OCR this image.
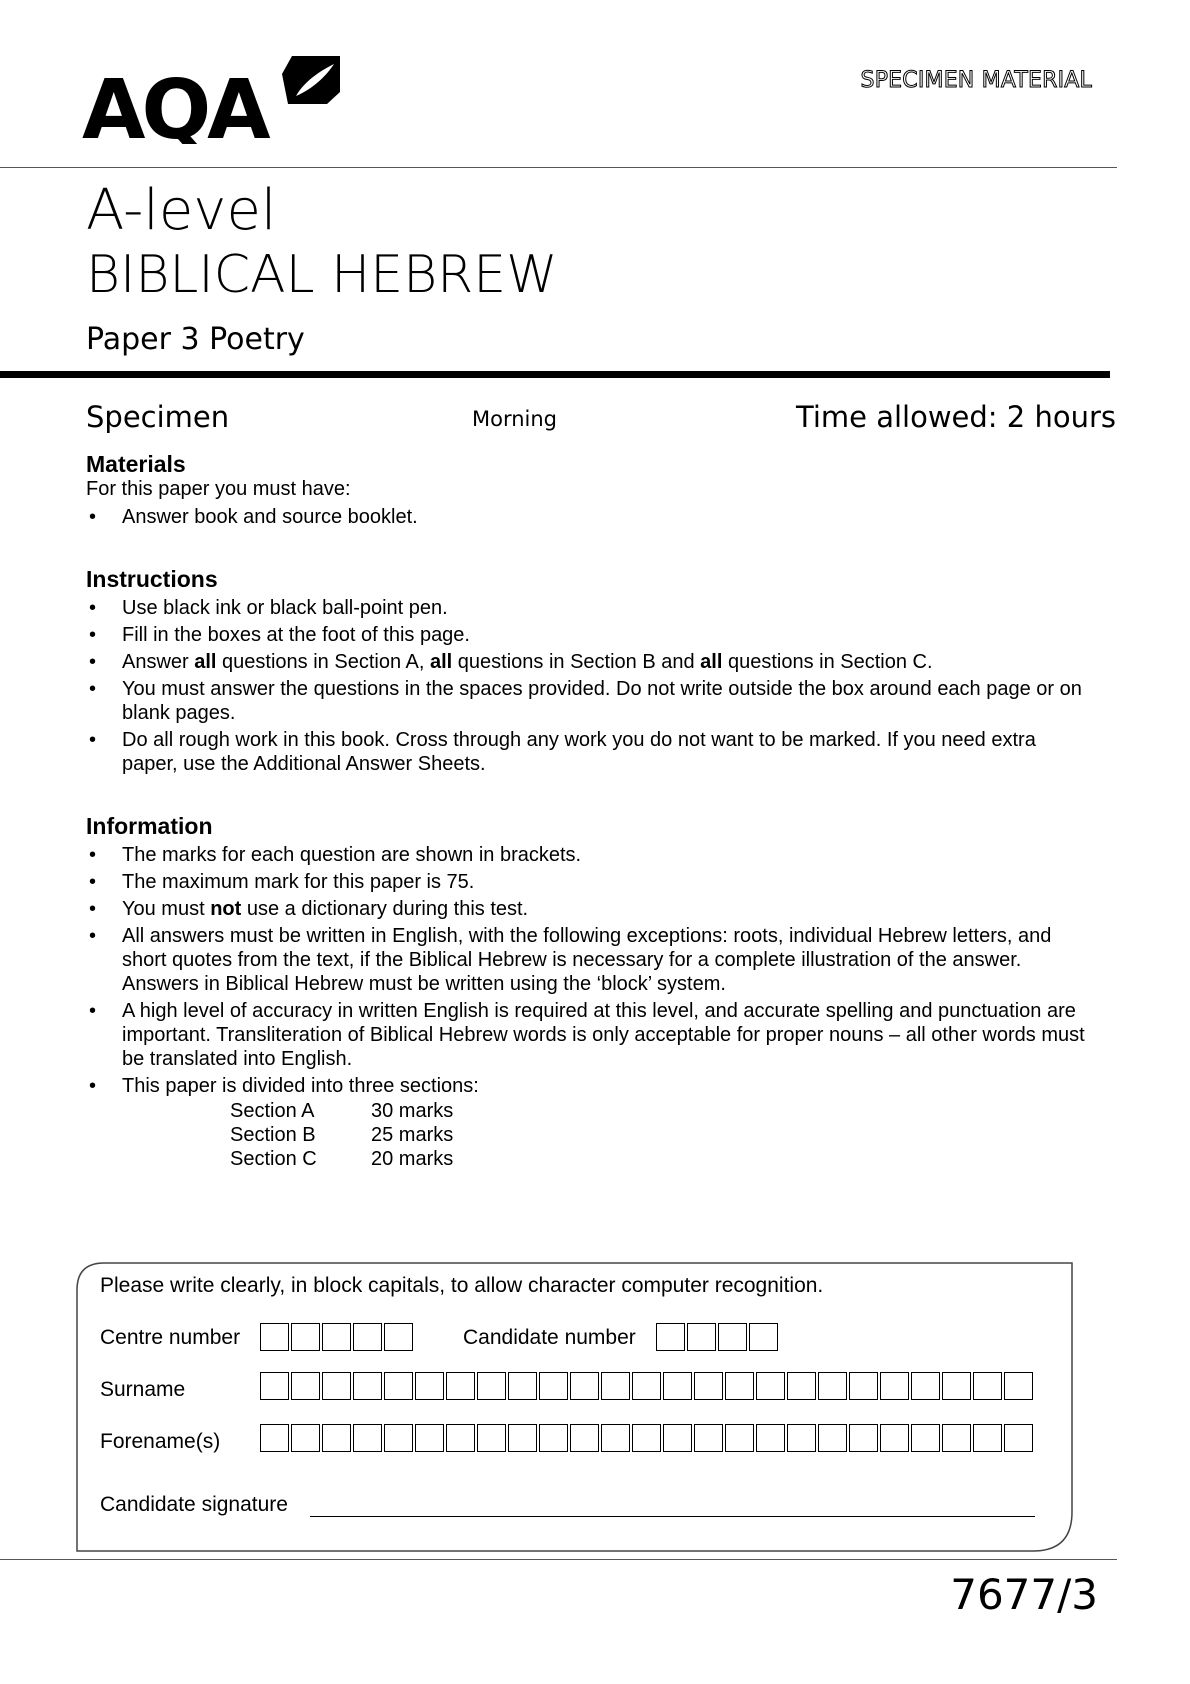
AQA	SPECIMEN MATERIAL
A-level
BIBLICAL HEBREW
Paper 3 Poetry
Specimen	Morning	Time allowed: 2 hours
Materials
For this paper you must have:
• Answer book and source booklet.
Instructions
• Use black ink or black ball-point pen.
• Fill in the boxes at the foot of this page.
• Answer all questions in Section A, all questions in Section B and all questions in Section C.
• You must answer the questions in the spaces provided. Do not write outside the box around each page or on blank pages.
• Do all rough work in this book. Cross through any work you do not want to be marked. If you need extra paper, use the Additional Answer Sheets.
Information
• The marks for each question are shown in brackets.
• The maximum mark for this paper is 75.
• You must not use a dictionary during this test.
• All answers must be written in English, with the following exceptions: roots, individual Hebrew letters, and short quotes from the text, if the Biblical Hebrew is necessary for a complete illustration of the answer. Answers in Biblical Hebrew must be written using the ‘block’ system.
• A high level of accuracy in written English is required at this level, and accurate spelling and punctuation are important. Transliteration of Biblical Hebrew words is only acceptable for proper nouns – all other words must be translated into English.
• This paper is divided into three sections:
Section A	30 marks
Section B	25 marks
Section C	20 marks
Please write clearly, in block capitals, to allow character computer recognition.
Centre number	Candidate number
Surname
Forename(s)
Candidate signature
7677/3
